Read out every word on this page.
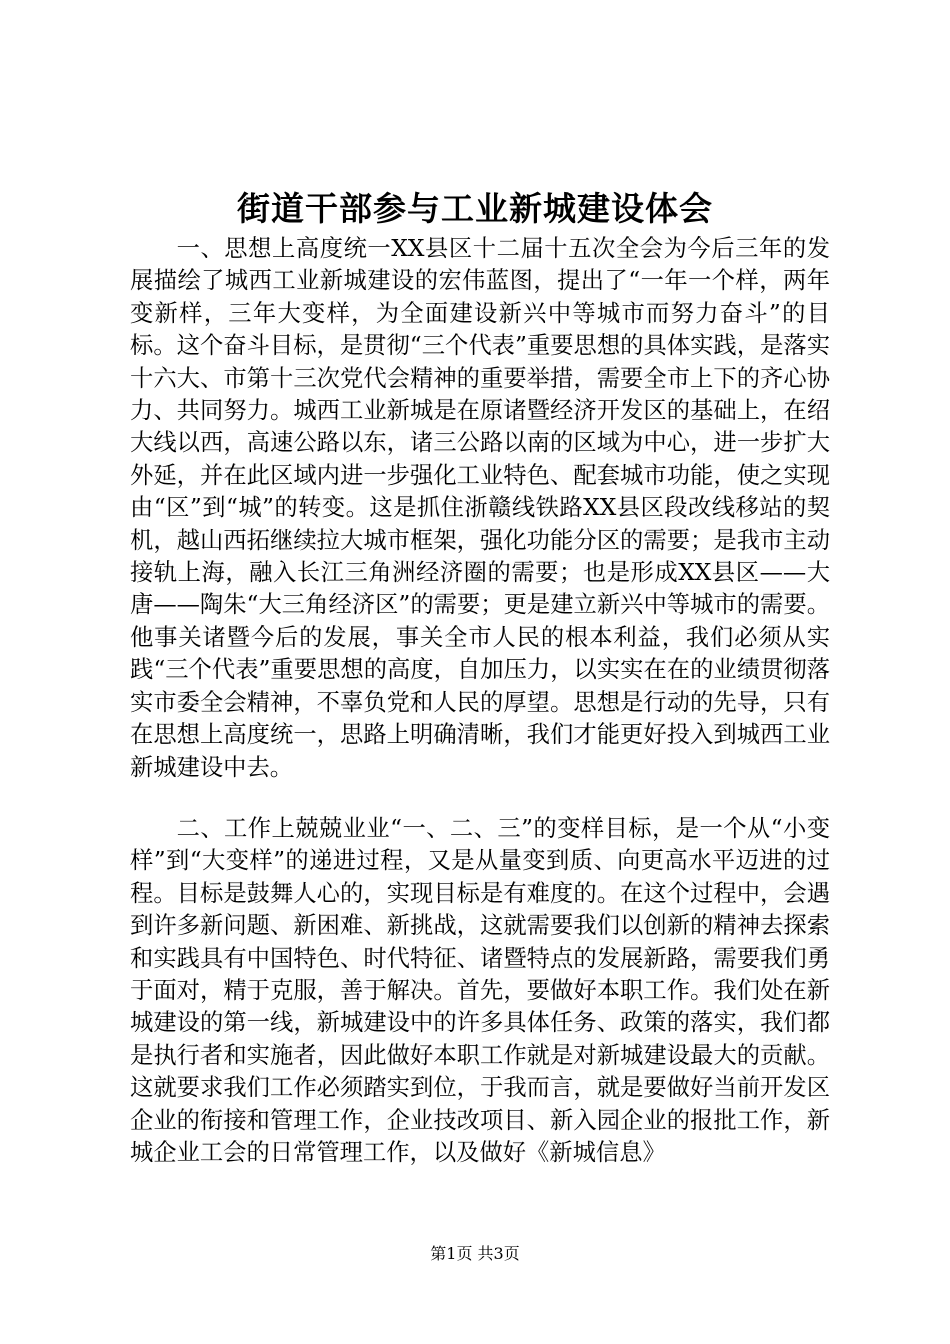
街道干部参与工业新城建设体会
一、思想上高度统一XX县区十二届十五次全会为今后三年的发展描绘了城西工业新城建设的宏伟蓝图，提出了“一年一个样，两年变新样，三年大变样，为全面建设新兴中等城市而努力奋斗”的目标。这个奋斗目标，是贯彻“三个代表”重要思想的具体实践，是落实十六大、市第十三次党代会精神的重要举措，需要全市上下的齐心协力、共同努力。城西工业新城是在原诸暨经济开发区的基础上，在绍大线以西，高速公路以东，诸三公路以南的区域为中心，进一步扩大外延，并在此区域内进一步强化工业特色、配套城市功能，使之实现由“区”到“城”的转变。这是抓住浙赣线铁路XX县区段改线移站的契机，越山西拓继续拉大城市框架，强化功能分区的需要；是我市主动接轨上海，融入长江三角洲经济圈的需要；也是形成XX县区——大唐——陶朱“大三角经济区”的需要；更是建立新兴中等城市的需要。他事关诸暨今后的发展，事关全市人民的根本利益，我们必须从实践“三个代表”重要思想的高度，自加压力，以实实在在的业绩贯彻落实市委全会精神，不辜负党和人民的厚望。思想是行动的先导，只有在思想上高度统一，思路上明确清晰，我们才能更好投入到城西工业新城建设中去。
二、工作上兢兢业业“一、二、三”的变样目标，是一个从“小变样”到“大变样”的递进过程，又是从量变到质、向更高水平迈进的过程。目标是鼓舞人心的，实现目标是有难度的。在这个过程中，会遇到许多新问题、新困难、新挑战，这就需要我们以创新的精神去探索和实践具有中国特色、时代特征、诸暨特点的发展新路，需要我们勇于面对，精于克服，善于解决。首先，要做好本职工作。我们处在新城建设的第一线，新城建设中的许多具体任务、政策的落实，我们都是执行者和实施者，因此做好本职工作就是对新城建设最大的贡献。这就要求我们工作必须踏实到位，于我而言，就是要做好当前开发区企业的衔接和管理工作，企业技改项目、新入园企业的报批工作，新城企业工会的日常管理工作，以及做好《新城信息》
第1页 共3页
